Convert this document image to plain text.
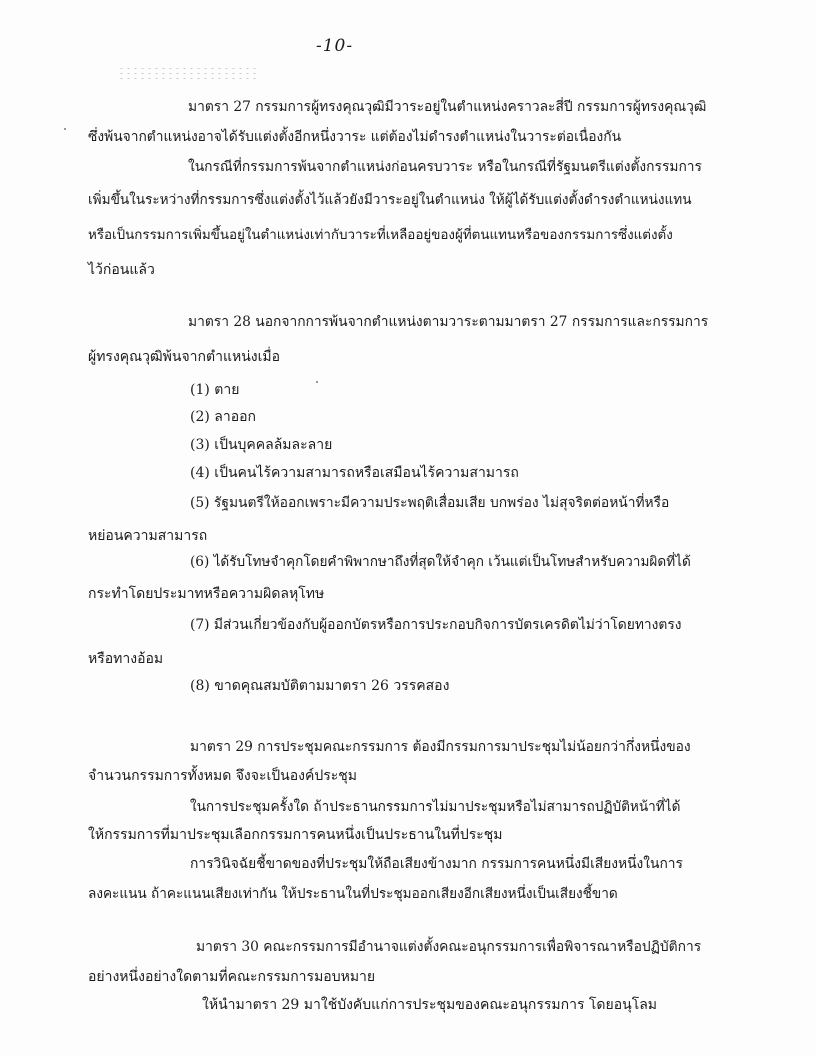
-10-
มาตรา 27 กรรมการผู้ทรงคุณวุฒิมีวาระอยู่ในตำแหน่งคราวละสี่ปี กรรมการผู้ทรงคุณวุฒิ
ซึ่งพ้นจากตำแหน่งอาจได้รับแต่งตั้งอีกหนึ่งวาระ แต่ต้องไม่ดำรงตำแหน่งในวาระต่อเนื่องกัน
ในกรณีที่กรรมการพ้นจากตำแหน่งก่อนครบวาระ หรือในกรณีที่รัฐมนตรีแต่งตั้งกรรมการ
เพิ่มขึ้นในระหว่างที่กรรมการซึ่งแต่งตั้งไว้แล้วยังมีวาระอยู่ในตำแหน่ง ให้ผู้ได้รับแต่งตั้งดำรงตำแหน่งแทน
หรือเป็นกรรมการเพิ่มขึ้นอยู่ในตำแหน่งเท่ากับวาระที่เหลืออยู่ของผู้ที่ตนแทนหรือของกรรมการซึ่งแต่งตั้ง
ไว้ก่อนแล้ว
มาตรา 28 นอกจากการพ้นจากตำแหน่งตามวาระตามมาตรา 27 กรรมการและกรรมการ
ผู้ทรงคุณวุฒิพ้นจากตำแหน่งเมื่อ
(1) ตาย
(2) ลาออก
(3) เป็นบุคคลล้มละลาย
(4) เป็นคนไร้ความสามารถหรือเสมือนไร้ความสามารถ
(5) รัฐมนตรีให้ออกเพราะมีความประพฤติเสื่อมเสีย บกพร่อง ไม่สุจริตต่อหน้าที่หรือ
หย่อนความสามารถ
(6) ได้รับโทษจำคุกโดยคำพิพากษาถึงที่สุดให้จำคุก เว้นแต่เป็นโทษสำหรับความผิดที่ได้
กระทำโดยประมาทหรือความผิดลหุโทษ
(7) มีส่วนเกี่ยวข้องกับผู้ออกบัตรหรือการประกอบกิจการบัตรเครดิตไม่ว่าโดยทางตรง
หรือทางอ้อม
(8) ขาดคุณสมบัติตามมาตรา 26 วรรคสอง
มาตรา 29 การประชุมคณะกรรมการ ต้องมีกรรมการมาประชุมไม่น้อยกว่ากึ่งหนึ่งของ
จำนวนกรรมการทั้งหมด จึงจะเป็นองค์ประชุม
ในการประชุมครั้งใด ถ้าประธานกรรมการไม่มาประชุมหรือไม่สามารถปฏิบัติหน้าที่ได้
ให้กรรมการที่มาประชุมเลือกกรรมการคนหนึ่งเป็นประธานในที่ประชุม
การวินิจฉัยชี้ขาดของที่ประชุมให้ถือเสียงข้างมาก กรรมการคนหนึ่งมีเสียงหนึ่งในการ
ลงคะแนน ถ้าคะแนนเสียงเท่ากัน ให้ประธานในที่ประชุมออกเสียงอีกเสียงหนึ่งเป็นเสียงชี้ขาด
มาตรา 30 คณะกรรมการมีอำนาจแต่งตั้งคณะอนุกรรมการเพื่อพิจารณาหรือปฏิบัติการ
อย่างหนึ่งอย่างใดตามที่คณะกรรมการมอบหมาย
ให้นำมาตรา 29 มาใช้บังคับแก่การประชุมของคณะอนุกรรมการ โดยอนุโลม
